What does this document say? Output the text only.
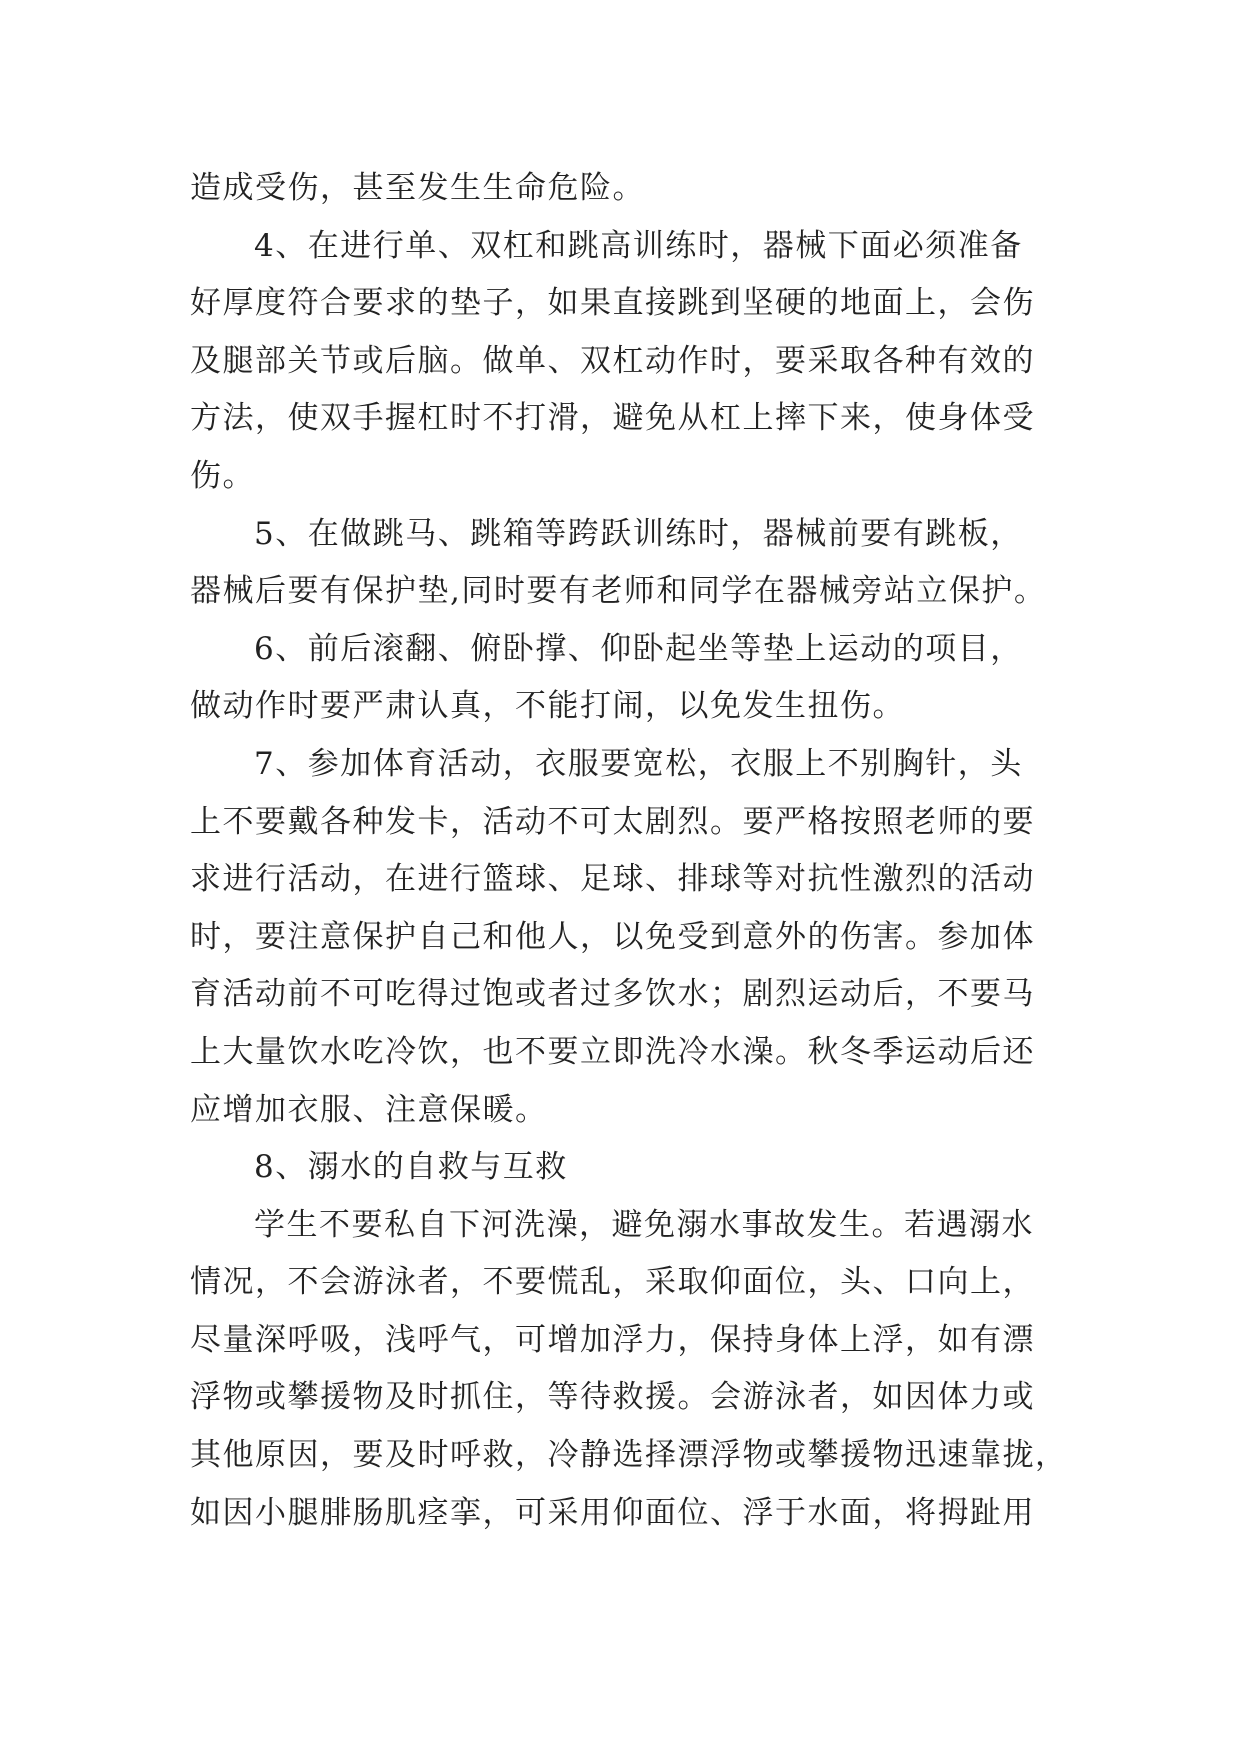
造成受伤，甚至发生生命危险。
4、在进行单、双杠和跳高训练时，器械下面必须准备
好厚度符合要求的垫子，如果直接跳到坚硬的地面上，会伤
及腿部关节或后脑。做单、双杠动作时，要采取各种有效的
方法，使双手握杠时不打滑，避免从杠上摔下来，使身体受
伤。
5、在做跳马、跳箱等跨跃训练时，器械前要有跳板，
器械后要有保护垫,同时要有老师和同学在器械旁站立保护。
6、前后滚翻、俯卧撑、仰卧起坐等垫上运动的项目，
做动作时要严肃认真，不能打闹，以免发生扭伤。
7、参加体育活动，衣服要宽松，衣服上不别胸针，头
上不要戴各种发卡，活动不可太剧烈。要严格按照老师的要
求进行活动，在进行篮球、足球、排球等对抗性激烈的活动
时，要注意保护自己和他人，以免受到意外的伤害。参加体
育活动前不可吃得过饱或者过多饮水；剧烈运动后，不要马
上大量饮水吃冷饮，也不要立即洗冷水澡。秋冬季运动后还
应增加衣服、注意保暖。
8、溺水的自救与互救
学生不要私自下河洗澡，避免溺水事故发生。若遇溺水
情况，不会游泳者，不要慌乱，采取仰面位，头、口向上，
尽量深呼吸，浅呼气，可增加浮力，保持身体上浮，如有漂
浮物或攀援物及时抓住，等待救援。会游泳者，如因体力或
其他原因，要及时呼救，冷静选择漂浮物或攀援物迅速靠拢，
如因小腿腓肠肌痉挛，可采用仰面位、浮于水面，将拇趾用
